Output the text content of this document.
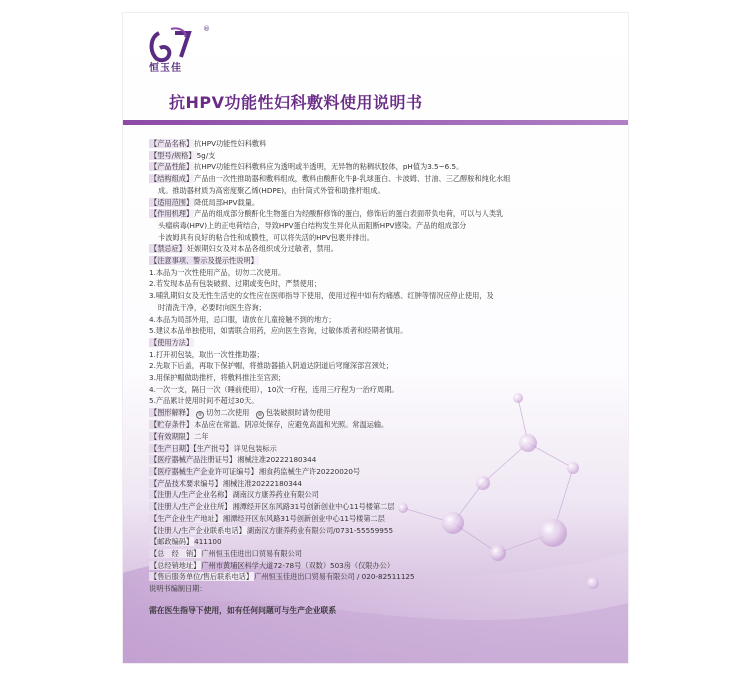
恒玉佳
®
抗HPV功能性妇科敷料使用说明书
【产品名称】抗HPV功能性妇科敷料
【型号/规格】5g/支
【产品性能】抗HPV功能性妇科敷料应为透明或半透明，无异物的粘稠状胶体，pH值为3.5~6.5。
【结构组成】产品由一次性推助器和敷料组成，敷料由酸酐化牛β-乳球蛋白、卡波姆、甘油、三乙醇胺和纯化水组
成。推助器材质为高密度聚乙烯(HDPE)，由针筒式外管和助推杆组成。
【适用范围】降低局部HPV载量。
【作用机理】产品的组成部分酸酐化生物蛋白为经酸酐修饰的蛋白，修饰后的蛋白表面带负电荷，可以与人类乳
头瘤病毒(HPV)上的正电荷结合，导致HPV蛋白结构发生异化从而阻断HPV感染。产品的组成部分
卡波姆具有良好的粘合性和成膜性，可以将失活的HPV包裹并排出。
【禁忌症】妊娠期妇女及对本品各组织成分过敏者，禁用。
【注意事项、警示及提示性说明】
1.本品为一次性使用产品，切勿二次使用。
2.若发现本品有包装破损、过期或变色时，严禁使用；
3.哺乳期妇女及无性生活史的女性应在医师指导下使用，使用过程中如有灼痛感、红肿等情况应停止使用，及
时清洗干净，必要时向医生咨询；
4.本品为局部外用，忌口服，请放在儿童接触不到的地方；
5.建议本品单独使用，如需联合用药，应向医生咨询，过敏体质者和经期者慎用。
【使用方法】
1.打开初包装，取出一次性推助器；
2.先取下后盖，再取下保护帽，将推助器插入阴道达阴道后穹窿深部宫颈处；
3.用保护帽做助推杆，将敷料推注至宫颈；
4.一次一支，隔日一次（睡前使用），10次一疗程，连用三疗程为一治疗周期。
5.产品累计使用时间不超过30天。
【图形解释】 ② 切勿二次使用 ⊘ 包装破损时请勿使用
【贮存条件】本品应在常温、阴凉处保存，应避免高温和光照。常温运输。
【有效期限】二年
【生产日期】【生产批号】详见包装标示
【医疗器械产品注册证号】湘械注准20222180344
【医疗器械生产企业许可证编号】湘食药监械生产许20220020号
【产品技术要求编号】湘械注准20222180344
【注册人/生产企业名称】湖南汉方康养药业有限公司
【注册人/生产企业住所】湘潭经开区东风路31号创新创业中心11号楼第二层
【生产企业生产地址】湘潭经开区东风路31号创新创业中心11号楼第二层
【注册人/生产企业联系电话】湖南汉方康养药业有限公司/0731-55559955
【邮政编码】411100
【总　经　销】广州恒玉佳进出口贸易有限公司
【总经销地址】广州市黄埔区科学大道72-78号（双数）503房（仅限办公）
【售后服务单位/售后联系电话】广州恒玉佳进出口贸易有限公司 / 020-82511125
说明书编制日期：
需在医生指导下使用，如有任何问题可与生产企业联系
